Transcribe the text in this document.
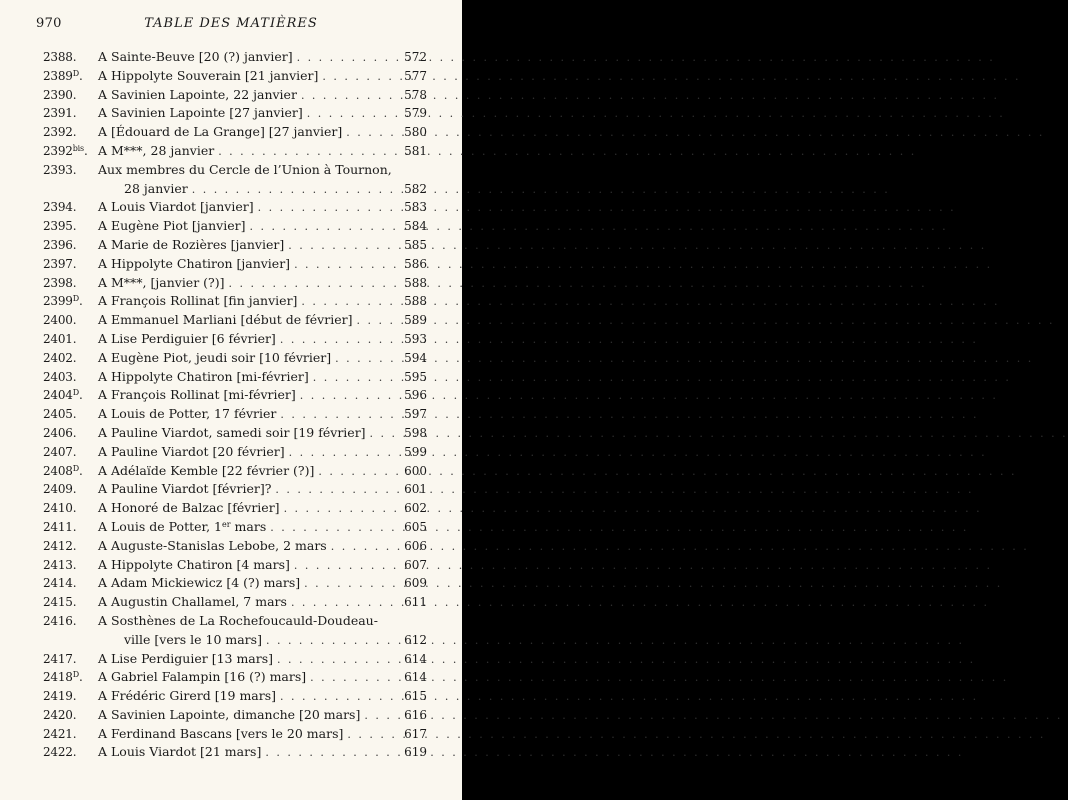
970	TABLE DES MATIÈRES
2388.	A Sainte-Beuve [20 (?) janvier] . . .	572
$2389^D$.	A Hippolyte Souverain [21 janvier] . . .	577
2390.	A Savinien Lapointe, 22 janvier . . .	578
2391.	A Savinien Lapointe [27 janvier] . . .	579
2392.	A [Édouard de La Grange] [27 janvier] . . .	580
$2392^{bis}$. A M***, 28 janvier . . .	581
2393.	Aux membres du Cercle de l’Union à Tournon,
28 janvier . . .	582
2394.	A Louis Viardot [janvier] . . .	583
2395.	A Eugène Piot [janvier] . . .	584
2396.	A Marie de Rozières [janvier] . . .	585
2397.	A Hippolyte Chatiron [janvier] . . .	586
2398.	A M***, [janvier (?)] . . .	588
$2399^D$.	A François Rollinat [fin janvier] . . .	588
2400.	A Emmanuel Marliani [début de février] . . .	589
2401.	A Lise Perdiguier [6 février] . . .	593
2402.	A Eugène Piot, jeudi soir [10 février] . . .	594
2403.	A Hippolyte Chatiron [mi-février] . . .	595
$2404^D$.	A François Rollinat [mi-février] . . .	596
2405.	A Louis de Potter, 17 février . . .	597
2406.	A Pauline Viardot, samedi soir [19 février] . . .	598
2407.	A Pauline Viardot [20 février] . . .	599
$2408^D$.	A Adélaïde Kemble [22 février (?)] . . .	600
2409.	A Pauline Viardot [février]? . . .	601
2410.	A Honoré de Balzac [février] . . .	602
2411.	A Louis de Potter, 1er mars . . .	605
2412.	A Auguste-Stanislas Lebobe, 2 mars . . .	606
2413.	A Hippolyte Chatiron [4 mars] . . .	607
2414.	A Adam Mickiewicz [4 (?) mars] . . .	609
2415.	A Augustin Challamel, 7 mars . . .	611
2416.	A Sosthènes de La Rochefoucauld-Doudeau-
ville [vers le 10 mars] . . .	612
2417.	A Lise Perdiguier [13 mars] . . .	614
$2418^D$.	A Gabriel Falampin [16 (?) mars] . . .	614
2419.	A Frédéric Girerd [19 mars] . . .	615
2420.	A Savinien Lapointe, dimanche [20 mars] . . .	616
2421.	A Ferdinand Bascans [vers le 20 mars] . . .	617
2422.	A Louis Viardot [21 mars] . . .	619
